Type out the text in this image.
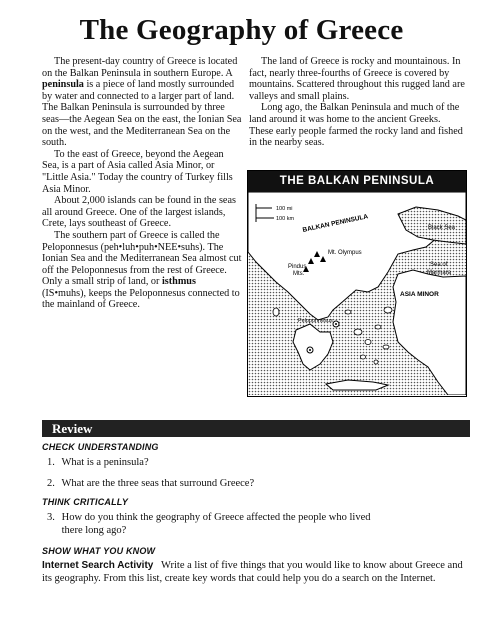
The Geography of Greece

The present-day country of Greece is located on the Balkan Peninsula in southern Europe. A peninsula is a piece of land mostly surrounded by water and connected to a larger part of land. The Balkan Peninsula is surrounded by three seas—the Aegean Sea on the east, the Ionian Sea on the west, and the Mediterranean Sea on the south.

To the east of Greece, beyond the Aegean Sea, is a part of Asia called Asia Minor, or "Little Asia." Today the country of Turkey fills Asia Minor.

About 2,000 islands can be found in the seas all around Greece. One of the largest islands, Crete, lays southeast of Greece.

The southern part of Greece is called the Peloponnesus (peh•luh•puh•NEE•suhs). The Ionian Sea and the Mediterranean Sea almost cut off the Peloponnesus from the rest of Greece. Only a small strip of land, or isthmus (IS•muhs), keeps the Peloponnesus connected to the mainland of Greece.

The land of Greece is rocky and mountainous. In fact, nearly three-fourths of Greece is covered by mountains. Scattered throughout this rugged land are valleys and small plains.

Long ago, the Balkan Peninsula and much of the land around it was home to the ancient Greeks. These early people farmed the rocky land and fished in the nearby seas.

THE BALKAN PENINSULA
100 mi
100 km BALKAN PENINSULA
Mt. Olympus
Pindus
Mts.
Black Sea
Sea of
Marmara
ASIA MINOR
Peloponnesus
Review
CHECK UNDERSTANDING
1. What is a peninsula?
2. What are the three seas that surround Greece?
THINK CRITICALLY
3. How do you think the geography of Greece affected the people who lived
there long ago?
SHOW WHAT YOU KNOW
Internet Search Activity Write a list of five things that you would like to know about Greece and its geography. From this list, create key words that could help you do a search on the Internet.
